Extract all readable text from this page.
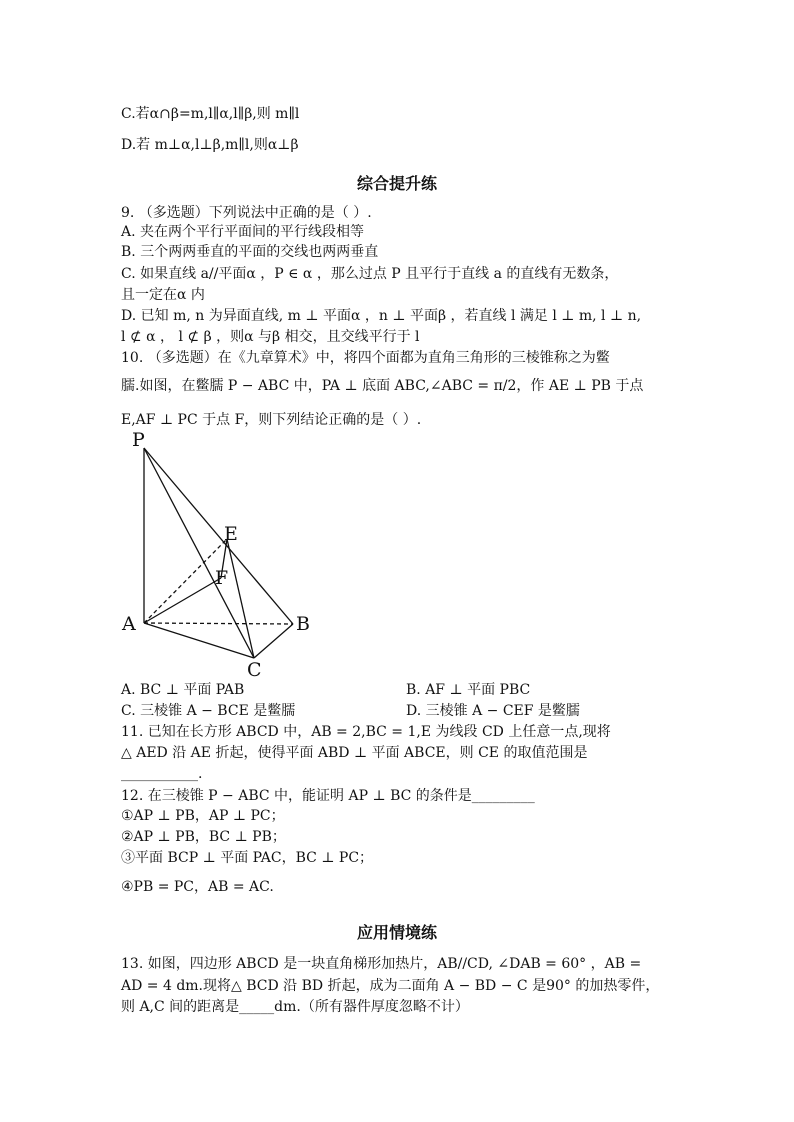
C.若α∩β=m,l∥α,l∥β,则 m∥l
D.若 m⊥α,l⊥β,m∥l,则α⊥β
综合提升练
9. （多选题）下列说法中正确的是（ ）.
A. 夹在两个平行平面间的平行线段相等
B. 三个两两垂直的平面的交线也两两垂直
C. 如果直线 a//平面α ，P ∈ α ，那么过点 P 且平行于直线 a 的直线有无数条，
且一定在α 内
D. 已知 m, n 为异面直线, m ⊥ 平面α ，n ⊥ 平面β ，若直线 l 满足 l ⊥ m, l ⊥ n,
l ⊄ α ， l ⊄ β ，则α 与β 相交，且交线平行于 l
10. （多选题）在《九章算术》中，将四个面都为直角三角形的三棱锥称之为鳖
臑.如图，在鳖臑 P − ABC 中，PA ⊥ 底面 ABC,∠ABC = π/2，作 AE ⊥ PB 于点
E,AF ⊥ PC 于点 F，则下列结论正确的是（ ）.
P
E
F
A	B
C
A. BC ⊥ 平面 PAB	B. AF ⊥ 平面 PBC
C. 三棱锥 A − BCE 是鳖臑	D. 三棱锥 A − CEF 是鳖臑
11. 已知在长方形 ABCD 中，AB = 2,BC = 1,E 为线段 CD 上任意一点,现将
△ AED 沿 AE 折起，使得平面 ABD ⊥ 平面 ABCE，则 CE 的取值范围是
___________.
12. 在三棱锥 P − ABC 中，能证明 AP ⊥ BC 的条件是_________
①AP ⊥ PB，AP ⊥ PC；
②AP ⊥ PB，BC ⊥ PB；
③平面 BCP ⊥ 平面 PAC，BC ⊥ PC；
④PB = PC，AB = AC.
应用情境练
13. 如图，四边形 ABCD 是一块直角梯形加热片，AB//CD, ∠DAB = 60° ，AB =
AD = 4 dm.现将△ BCD 沿 BD 折起，成为二面角 A − BD − C 是90° 的加热零件，
则 A,C 间的距离是_____dm.（所有器件厚度忽略不计）
